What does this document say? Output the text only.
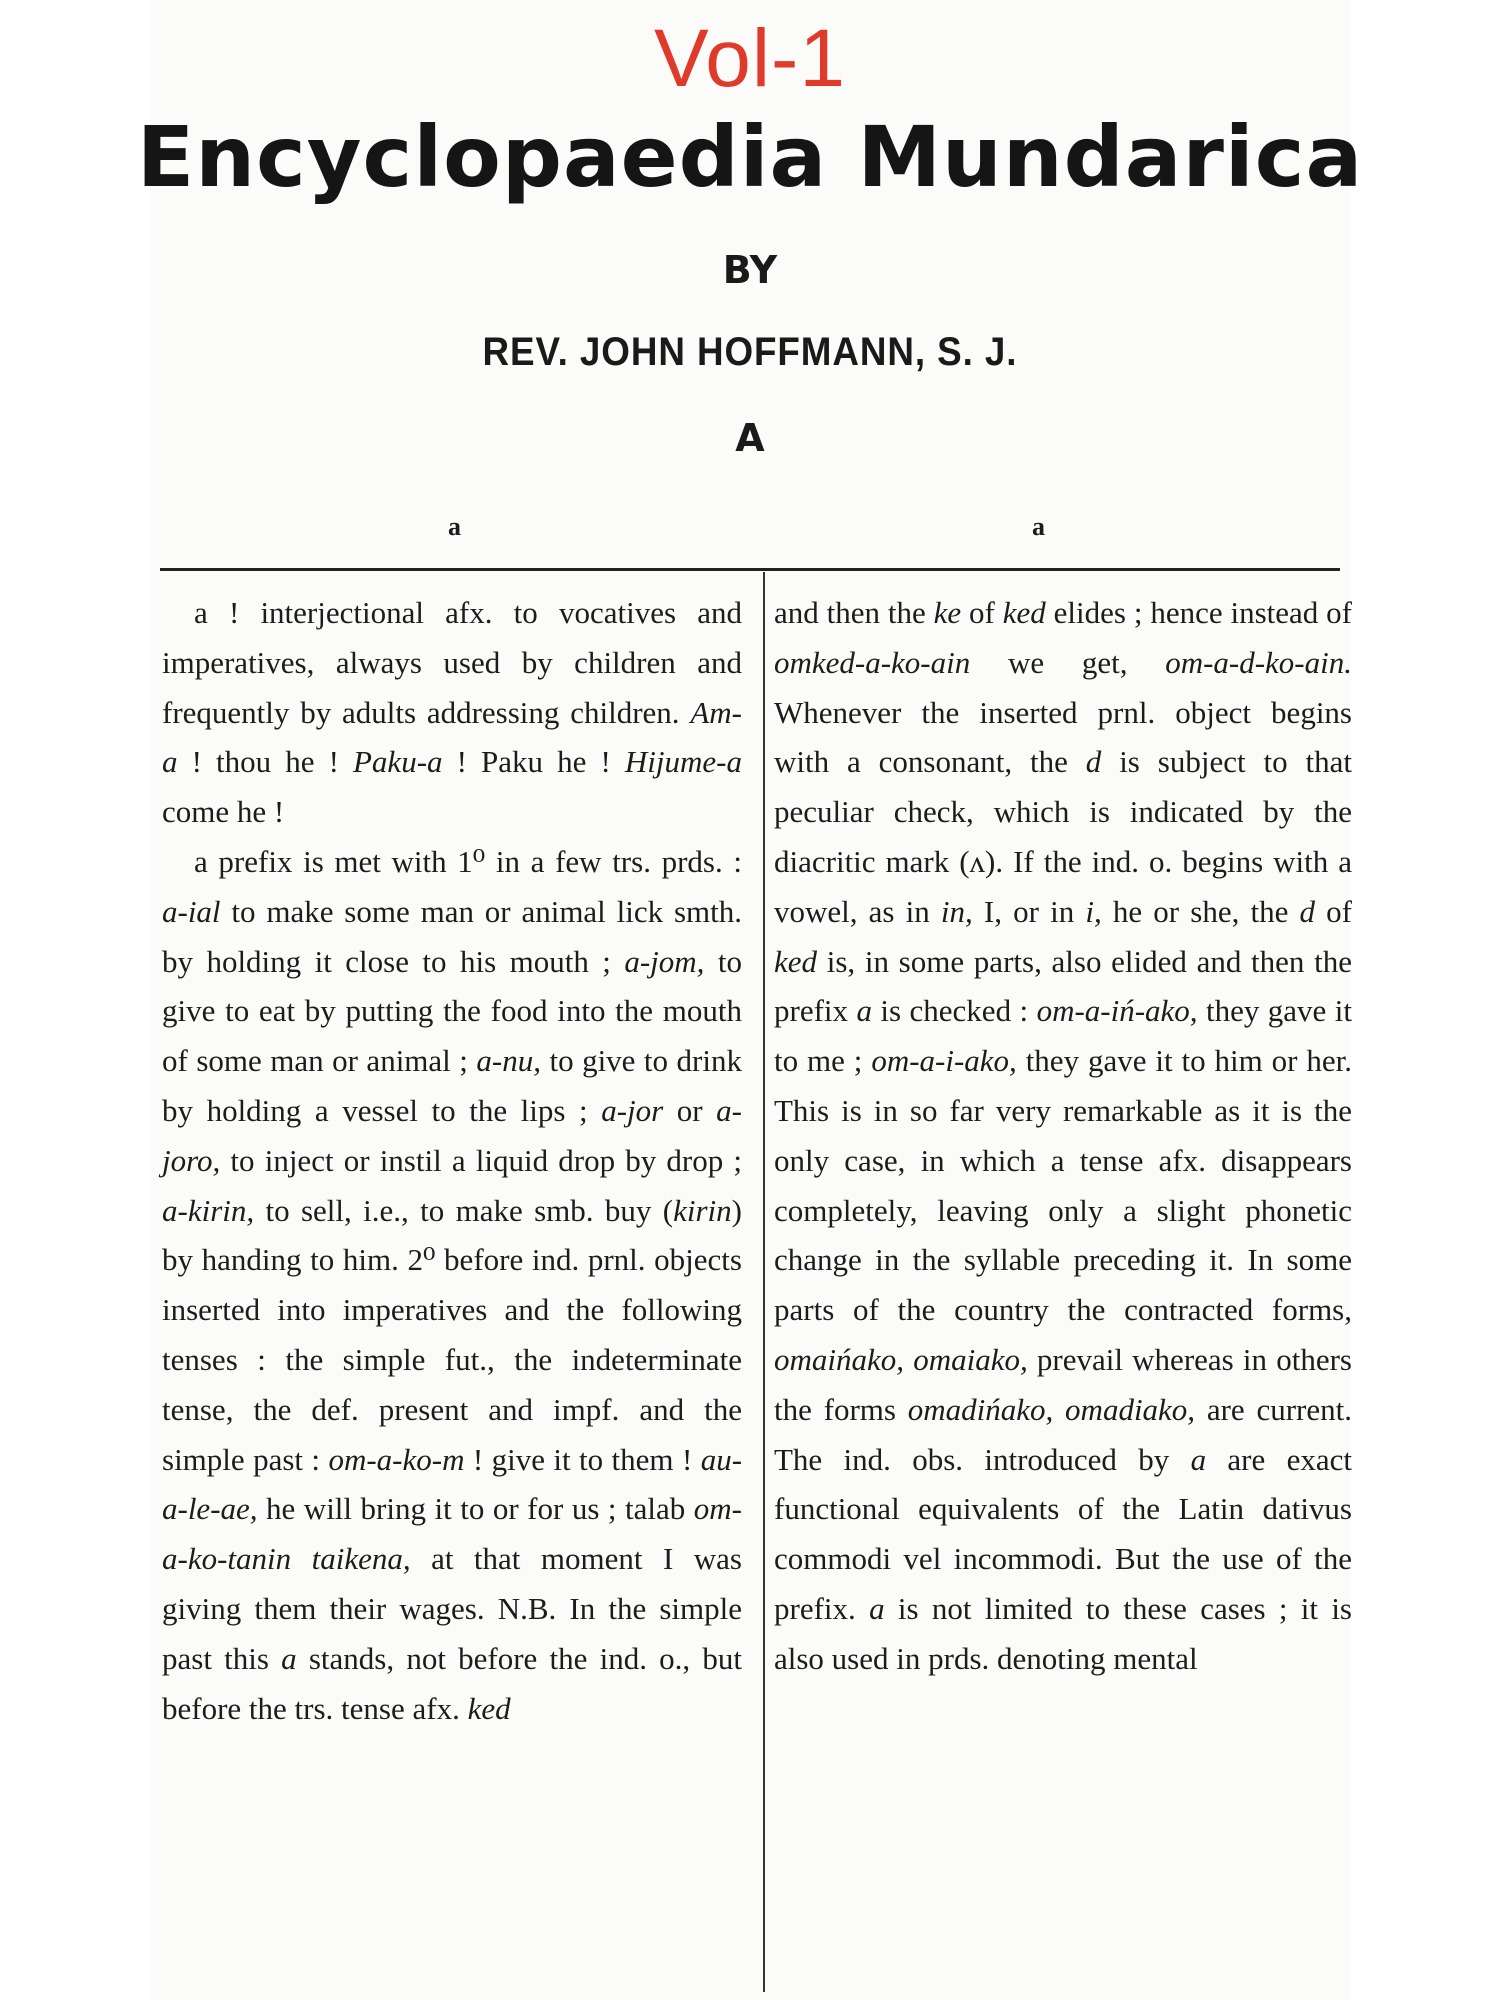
Vol-1
Encyclopaedia Mundarica
BY
REV. JOHN HOFFMANN, S. J.
A
a	a

a ! interjectional afx. to vocatives and imperatives, always used by children and frequently by adults addressing children. Am-a ! thou he ! Paku-a ! Paku he ! Hijume-a come he !

a prefix is met with 1⁰ in a few trs. prds. : a-ial to make some man or animal lick smth. by holding it close to his mouth ; a-jom, to give to eat by putting the food into the mouth of some man or animal ; a-nu, to give to drink by holding a vessel to the lips ; a-jor or a-joro, to inject or instil a liquid drop by drop ; a-kirin, to sell, i.e., to make smb. buy (kirin) by handing to him. 2⁰ before ind. prnl. objects inserted into imperatives and the following tenses : the simple fut., the indeterminate tense, the def. present and impf. and the simple past : om-a-ko-m ! give it to them ! au-a-le-ae, he will bring it to or for us ; talab om-a-ko-tanin taikena, at that moment I was giving them their wages. N.B. In the simple past this a stands, not before the ind. o., but before the trs. tense afx. ked

and then the ke of ked elides ; hence instead of omked-a-ko-ain we get, om-a-d-ko-ain. Whenever the inserted prnl. object begins with a consonant, the d is subject to that peculiar check, which is indicated by the diacritic mark (ʌ). If the ind. o. begins with a vowel, as in in, I, or in i, he or she, the d of ked is, in some parts, also elided and then the prefix a is checked : om-a-iń-ako, they gave it to me ; om-a-i-ako, they gave it to him or her. This is in so far very remarkable as it is the only case, in which a tense afx. disappears completely, leaving only a slight phonetic change in the syllable preceding it. In some parts of the country the contracted forms, omaińako, omaiako, prevail whereas in others the forms omadińako, omadiako, are current. The ind. obs. introduced by a are exact functional equivalents of the Latin dativus commodi vel incommodi. But the use of the prefix. a is not limited to these cases ; it is also used in prds. denoting mental
